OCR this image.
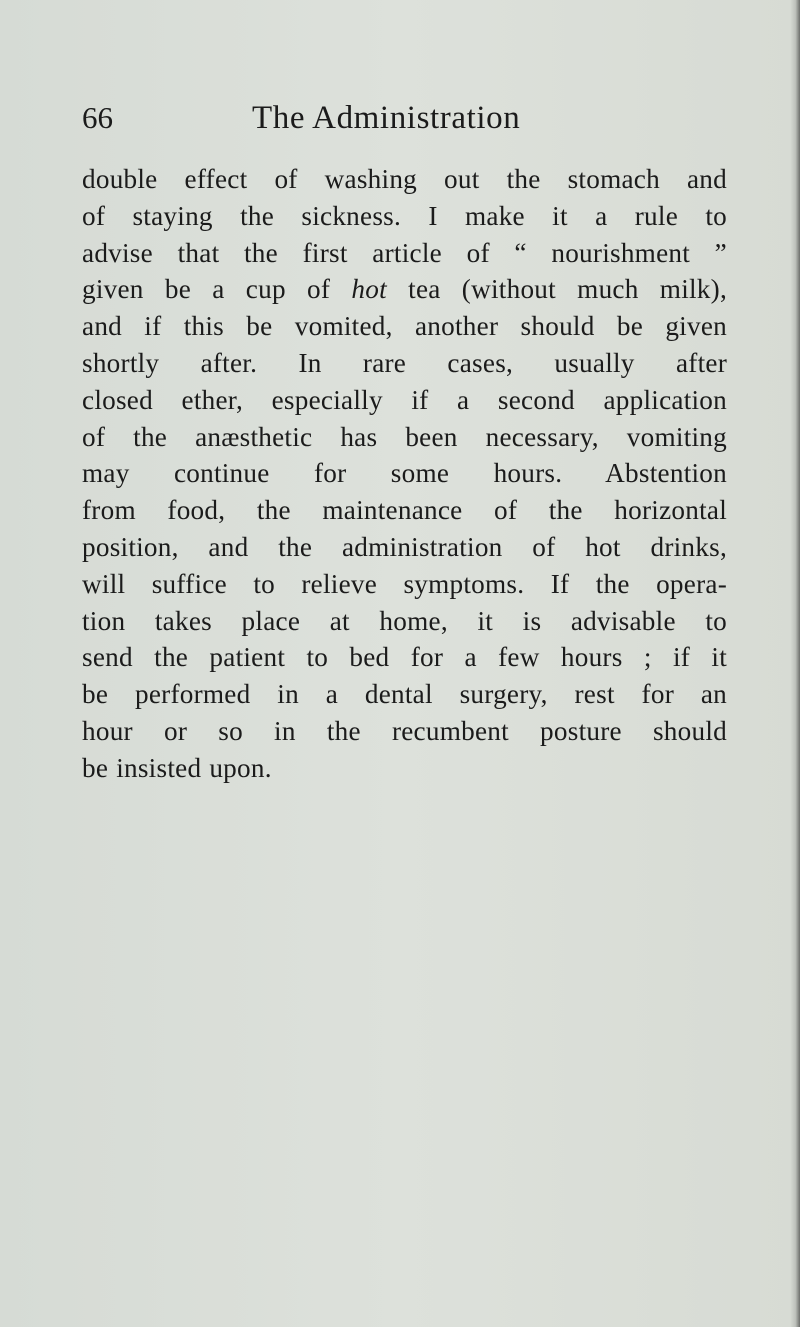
66	The Administration
double effect of washing out the stomach and
of staying the sickness. I make it a rule to
advise that the first article of “ nourishment ”
given be a cup of hot tea (without much milk),
and if this be vomited, another should be given
shortly after. In rare cases, usually after
closed ether, especially if a second application
of the anæsthetic has been necessary, vomiting
may continue for some hours. Abstention
from food, the maintenance of the horizontal
position, and the administration of hot drinks,
will suffice to relieve symptoms. If the opera-
tion takes place at home, it is advisable to
send the patient to bed for a few hours ; if it
be performed in a dental surgery, rest for an
hour or so in the recumbent posture should
be insisted upon.
